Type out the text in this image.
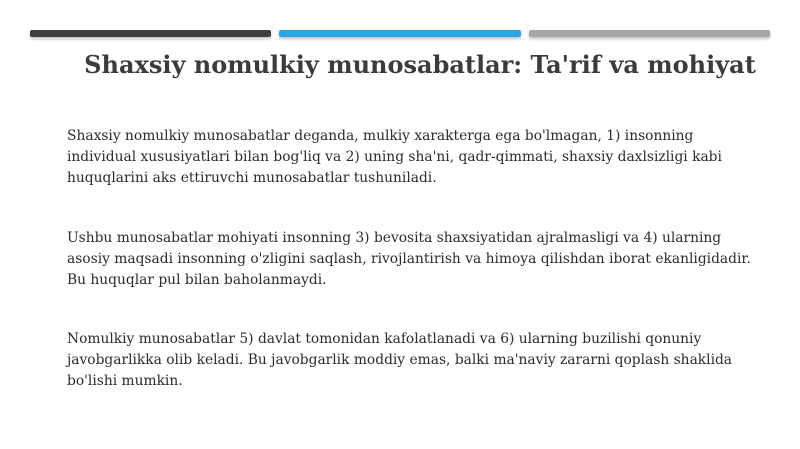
Shaxsiy nomulkiy munosabatlar: Ta'rif va mohiyat

Shaxsiy nomulkiy munosabatlar deganda, mulkiy xarakterga ega bo'lmagan, 1) insonning individual xususiyatlari bilan bog'liq va 2) uning sha'ni, qadr-qimmati, shaxsiy daxlsizligi kabi huquqlarini aks ettiruvchi munosabatlar tushuniladi.

Ushbu munosabatlar mohiyati insonning 3) bevosita shaxsiyatidan ajralmasligi va 4) ularning asosiy maqsadi insonning o'zligini saqlash, rivojlantirish va himoya qilishdan iborat ekanligidadir. Bu huquqlar pul bilan baholanmaydi.

Nomulkiy munosabatlar 5) davlat tomonidan kafolatlanadi va 6) ularning buzilishi qonuniy javobgarlikka olib keladi. Bu javobgarlik moddiy emas, balki ma'naviy zararni qoplash shaklida bo'lishi mumkin.
